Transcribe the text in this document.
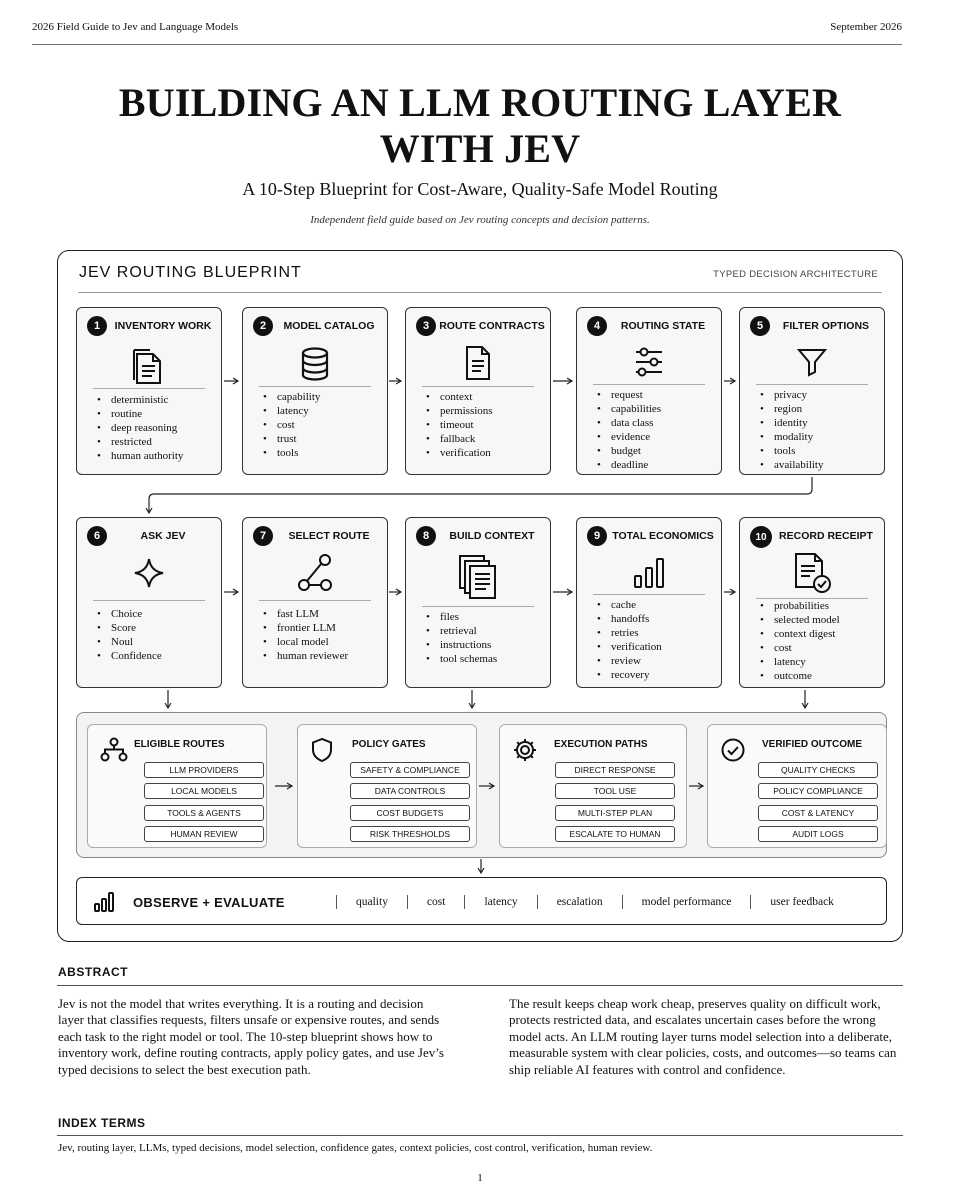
2026 Field Guide to Jev and Language Models	September 2026
BUILDING AN LLM ROUTING LAYER
WITH JEV
A 10-Step Blueprint for Cost-Aware, Quality-Safe Model Routing
Independent field guide based on Jev routing concepts and decision patterns.
JEV ROUTING BLUEPRINT	TYPED DECISION ARCHITECTURE
1	INVENTORY WORK
• deterministic
• routine
• deep reasoning
• restricted
• human authority
2	MODEL CATALOG
• capability
• latency
• cost
• trust
• tools
3 ROUTE CONTRACTS
• context
• permissions
• timeout
• fallback
• verification
4	ROUTING STATE
• request
• capabilities
• data class
• evidence
• budget
• deadline
5	FILTER OPTIONS
• privacy
• region
• identity
• modality
• tools
• availability
6	ASK JEV
• Choice
• Score
• Noul
• Confidence
7	SELECT ROUTE
• fast LLM
• frontier LLM
• local model
• human reviewer
8	BUILD CONTEXT
• files
• retrieval
• instructions
• tool schemas
9	TOTAL ECONOMICS
• cache
• handoffs
• retries
• verification
• review
• recovery
10	RECORD RECEIPT
• probabilities
• selected model
• context digest
• cost
• latency
• outcome
ELIGIBLE ROUTES
LLM PROVIDERS
LOCAL MODELS
TOOLS & AGENTS
HUMAN REVIEW
POLICY GATES
SAFETY & COMPLIANCE
DATA CONTROLS
COST BUDGETS
RISK THRESHOLDS
EXECUTION PATHS
DIRECT RESPONSE
TOOL USE
MULTI-STEP PLAN
ESCALATE TO HUMAN
VERIFIED OUTCOME
QUALITY CHECKS
POLICY COMPLIANCE
COST & LATENCY
AUDIT LOGS
OBSERVE + EVALUATE	quality	cost	latency	escalation	model performance	user feedback
ABSTRACT
Jev is not the model that writes everything. It is a routing and decision layer that classifies requests, filters unsafe or expensive routes, and sends each task to the right model or tool. The 10-step blueprint shows how to inventory work, define routing contracts, apply policy gates, and use Jev’s typed decisions to select the best execution path.
The result keeps cheap work cheap, preserves quality on difficult work, protects restricted data, and escalates uncertain cases before the wrong model acts. An LLM routing layer turns model selection into a deliberate, measurable system with clear policies, costs, and outcomes—so teams can ship reliable AI features with control and confidence.
INDEX TERMS
Jev, routing layer, LLMs, typed decisions, model selection, confidence gates, context policies, cost control, verification, human review.
1
